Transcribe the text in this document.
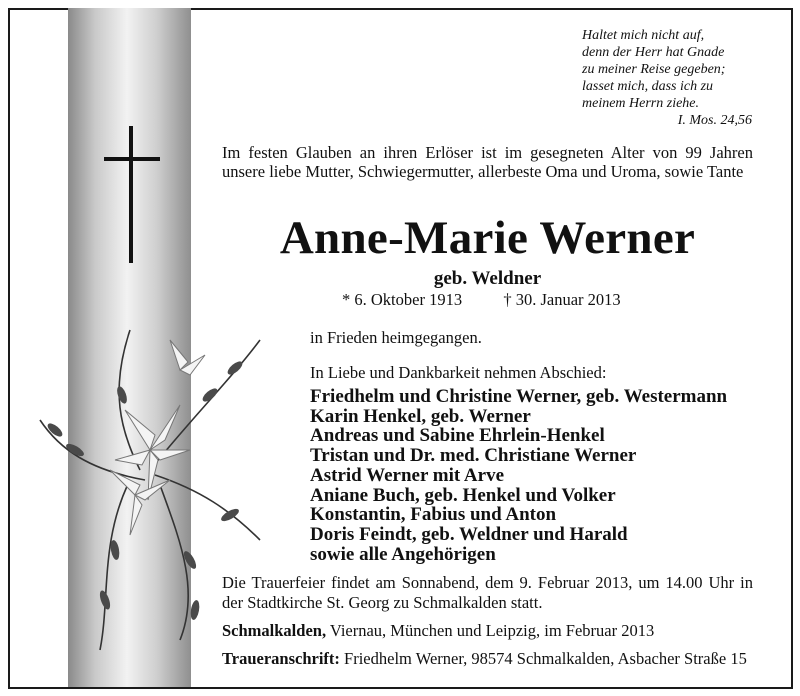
Haltet mich nicht auf,
denn der Herr hat Gnade
zu meiner Reise gegeben;
lasset mich, dass ich zu
meinem Herrn ziehe.
I. Mos. 24,56
Im festen Glauben an ihren Erlöser ist im gesegneten Alter von 99 Jahren unsere liebe Mutter, Schwiegermutter, allerbeste Oma und Uroma, sowie Tante
Anne-Marie Werner
geb. Weldner
* 6. Oktober 1913	† 30. Januar 2013
in Frieden heimgegangen.
In Liebe und Dankbarkeit nehmen Abschied:
Friedhelm und Christine Werner, geb. Westermann
Karin Henkel, geb. Werner
Andreas und Sabine Ehrlein-Henkel
Tristan und Dr. med. Christiane Werner
Astrid Werner mit Arve
Aniane Buch, geb. Henkel und Volker
Konstantin, Fabius und Anton
Doris Feindt, geb. Weldner und Harald
sowie alle Angehörigen
Die Trauerfeier findet am Sonnabend, dem 9. Februar 2013, um 14.00 Uhr in der Stadtkirche St. Georg zu Schmalkalden statt.
Schmalkalden, Viernau, München und Leipzig, im Februar 2013
Traueranschrift: Friedhelm Werner, 98574 Schmalkalden, Asbacher Straße 15
